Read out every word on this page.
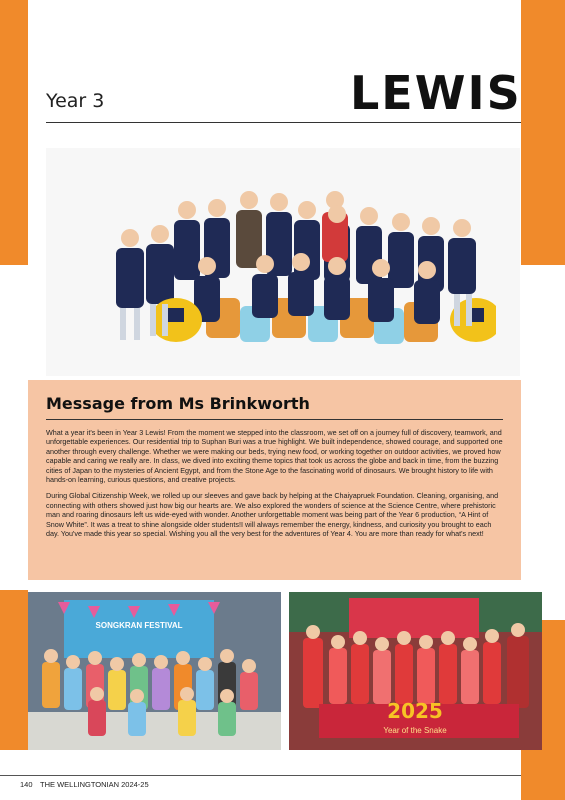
Year 3	LEWIS
Message from Ms Brinkworth

What a year it's been in Year 3 Lewis! From the moment we stepped into the classroom, we set off on a journey full of discovery, teamwork, and unforgettable experiences. Our residential trip to Suphan Buri was a true highlight. We built independence, showed courage, and supported one another through every challenge. Whether we were making our beds, trying new food, or working together on outdoor activities, we proved how capable and caring we really are. In class, we dived into exciting theme topics that took us across the globe and back in time, from the buzzing cities of Japan to the mysteries of Ancient Egypt, and from the Stone Age to the fascinating world of dinosaurs. We brought history to life with hands-on learning, curious questions, and creative projects.

During Global Citizenship Week, we rolled up our sleeves and gave back by helping at the Chaiyapruek Foundation. Cleaning, organising, and connecting with others showed just how big our hearts are. We also explored the wonders of science at the Science Centre, where prehistoric man and roaring dinosaurs left us wide-eyed with wonder. Another unforgettable moment was being part of the Year 6 production, “A Hint of Snow White”. It was a treat to shine alongside older students!I will always remember the energy, kindness, and curiosity you brought to each day. You've made this year so special. Wishing you all the very best for the adventures of Year 4. You are more than ready for what's next!

SONGKRAN FESTIVAL
2025
Year of the Snake
140 THE WELLINGTONIAN 2024-25
